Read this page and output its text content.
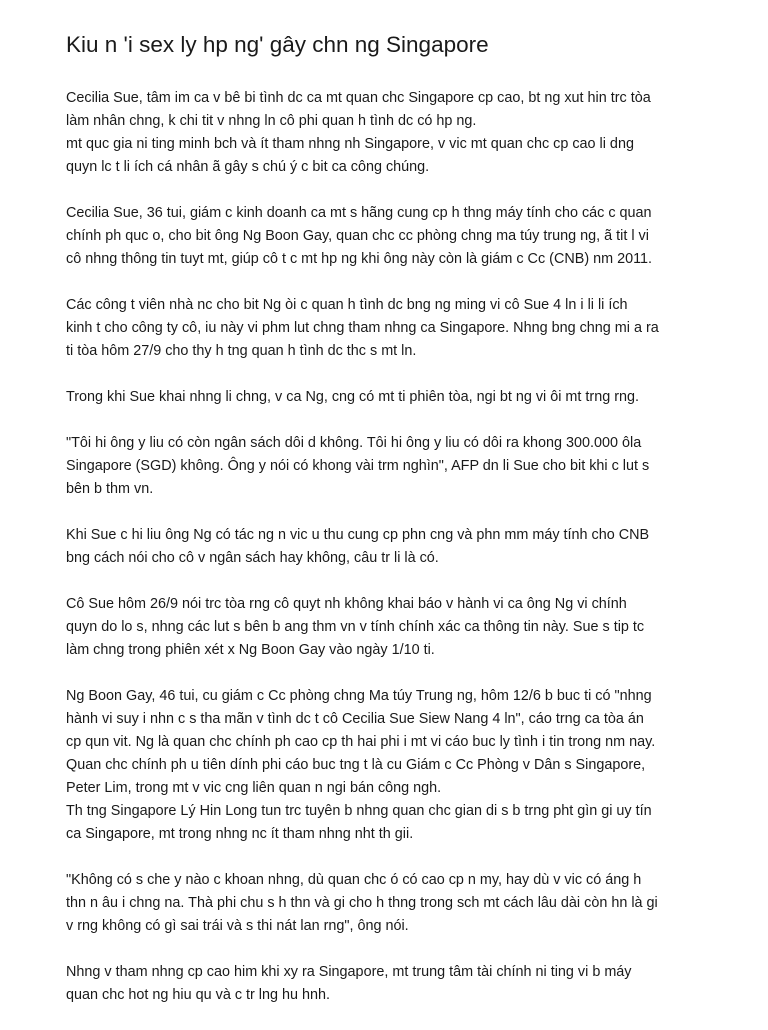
Kiu n 'i sex ly hp ng' gây chn ng Singapore
Cecilia Sue, tâm im ca v bê bi tình dc ca mt quan chc Singapore cp cao, bt ng xut hin trc tòa
làm nhân chng, k chi tit v nhng ln cô phi quan h tình dc có hp ng.
mt quc gia ni ting minh bch và ít tham nhng nh Singapore, v vic mt quan chc cp cao li dng
quyn lc t li ích cá nhân ã gây s chú ý c bit ca công chúng.
Cecilia Sue, 36 tui, giám c kinh doanh ca mt s hãng cung cp h thng máy tính cho các c quan
chính ph quc o, cho bit ông Ng Boon Gay, quan chc cc phòng chng ma túy trung ng, ã tit l vi
cô nhng thông tin tuyt mt, giúp cô t c mt hp ng khi ông này còn là giám c Cc (CNB) nm 2011.
Các công t viên nhà nc cho bit Ng òi c quan h tình dc bng ng ming vi cô Sue 4 ln i li li ích
kinh t cho công ty cô, iu này vi phm lut chng tham nhng ca Singapore. Nhng bng chng mi a ra
ti tòa hôm 27/9 cho thy h tng quan h tình dc thc s mt ln.
Trong khi Sue khai nhng li chng, v ca Ng, cng có mt ti phiên tòa, ngi bt ng vi ôi mt trng rng.
"Tôi hi ông y liu có còn ngân sách dôi d không. Tôi hi ông y liu có dôi ra khong 300.000 ôla
Singapore (SGD) không. Ông y nói có khong vài trm nghìn", AFP dn li Sue cho bit khi c lut s
bên b thm vn.
Khi Sue c hi liu ông Ng có tác ng n vic u thu cung cp phn cng và phn mm máy tính cho CNB
bng cách nói cho cô v ngân sách hay không, câu tr li là có.
Cô Sue hôm 26/9 nói trc tòa rng cô quyt nh không khai báo v hành vi ca ông Ng vi chính
quyn do lo s, nhng các lut s bên b ang thm vn v tính chính xác ca thông tin này. Sue s tip tc
làm chng trong phiên xét x Ng Boon Gay vào ngày 1/10 ti.
Ng Boon Gay, 46 tui, cu giám c Cc phòng chng Ma túy Trung ng, hôm 12/6 b buc ti có "nhng
hành vi suy i nhn c s tha mãn v tình dc t cô Cecilia Sue Siew Nang 4 ln", cáo trng ca tòa án
cp qun vit. Ng là quan chc chính ph cao cp th hai phi i mt vi cáo buc ly tình i tin trong nm nay.
Quan chc chính ph u tiên dính phi cáo buc tng t là cu Giám c Cc Phòng v Dân s Singapore,
Peter Lim, trong mt v vic cng liên quan n ngi bán công ngh.
Th tng Singapore Lý Hin Long tun trc tuyên b nhng quan chc gian di s b trng pht gìn gi uy tín
ca Singapore, mt trong nhng nc ít tham nhng nht th gii.
"Không có s che y nào c khoan nhng, dù quan chc ó có cao cp n my, hay dù v vic có áng h
thn n âu i chng na. Thà phi chu s h thn và gi cho h thng trong sch mt cách lâu dài còn hn là gi
v rng không có gì sai trái và s thi nát lan rng", ông nói.
Nhng v tham nhng cp cao him khi xy ra Singapore, mt trung tâm tài chính ni ting vi b máy
quan chc hot ng hiu qu và c tr lng hu hnh.
